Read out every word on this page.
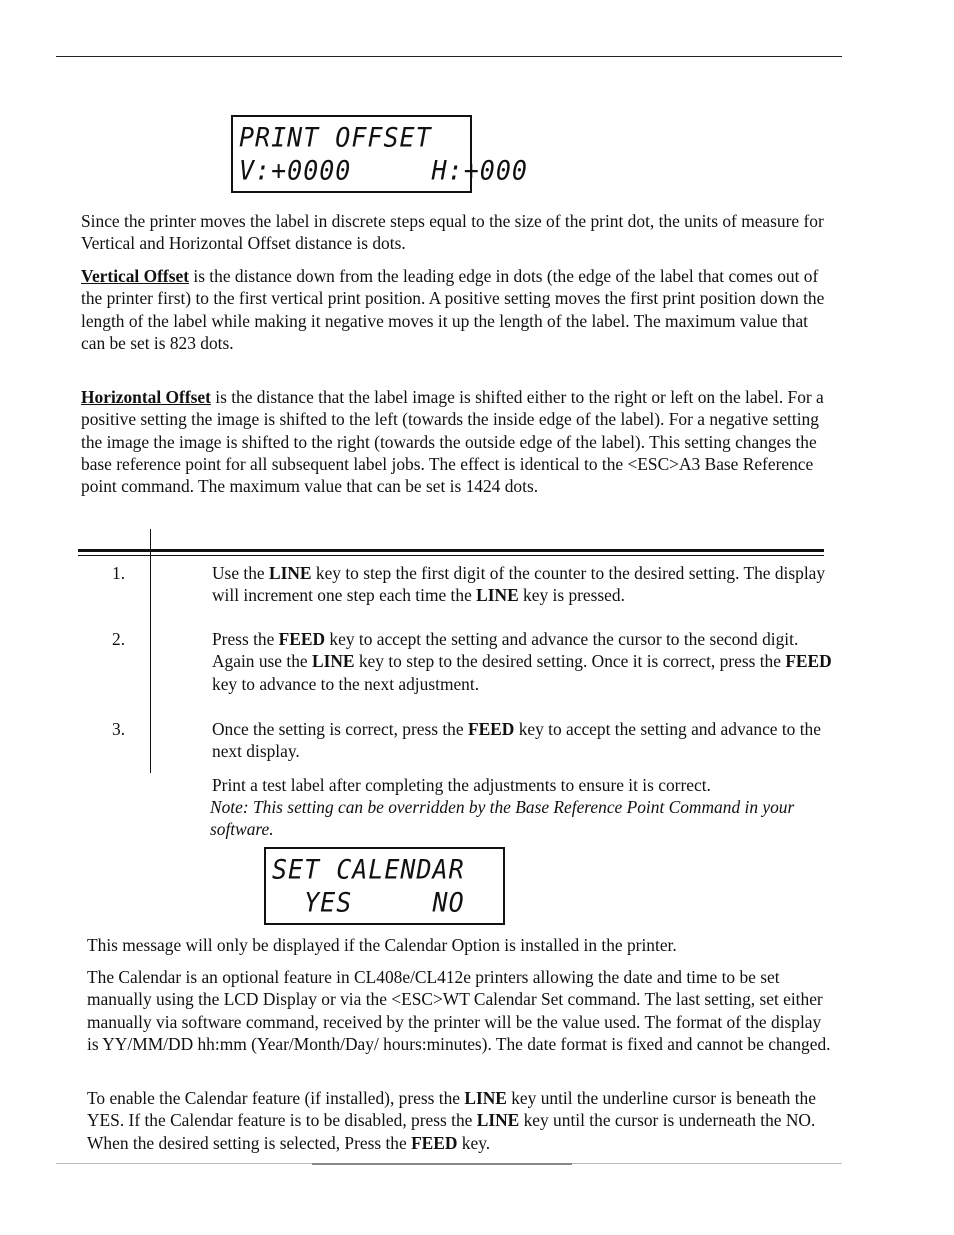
PRINT OFFSET
V:+0000     H:+000

Since the printer moves the label in discrete steps equal to the size of the print dot, the units of measure for Vertical and Horizontal Offset distance is dots.

Vertical Offset is the distance down from the leading edge in dots (the edge of the label that comes out of the printer first) to the first vertical print position. A positive setting moves the first print position down the length of the label while making it negative moves it up the length of the label. The maximum value that can be set is 823 dots.

Horizontal Offset is the distance that the label image is shifted either to the right or left on the label. For a positive setting the image is shifted to the left (towards the inside edge of the label). For a negative setting the image the image is shifted to the right (towards the outside edge of the label). This setting changes the base reference point for all subsequent label jobs. The effect is identical to the <ESC>A3 Base Reference point command. The maximum value that can be set is 1424 dots.

1.	Use the LINE key to step the first digit of the counter to the desired setting. The display will increment one step each time the LINE key is pressed.
2.	Press the FEED key to accept the setting and advance the cursor to the second digit. Again use the LINE key to step to the desired setting. Once it is correct, press the FEED key to advance to the next adjustment.
3.	Once the setting is correct, press the FEED key to accept the setting and advance to the next display.
Print a test label after completing the adjustments to ensure it is correct.
Note: This setting can be overridden by the Base Reference Point Command in your software.
SET CALENDAR
YES     NO

This message will only be displayed if the Calendar Option is installed in the printer.

The Calendar is an optional feature in CL408e/CL412e printers allowing the date and time to be set manually using the LCD Display or via the <ESC>WT Calendar Set command. The last setting, set either manually via software command, received by the printer will be the value used. The format of the display is YY/MM/DD hh:mm (Year/Month/Day/ hours:minutes). The date format is fixed and cannot be changed.

To enable the Calendar feature (if installed), press the LINE key until the underline cursor is beneath the YES. If the Calendar feature is to be disabled, press the LINE key until the cursor is underneath the NO. When the desired setting is selected, Press the FEED key.
